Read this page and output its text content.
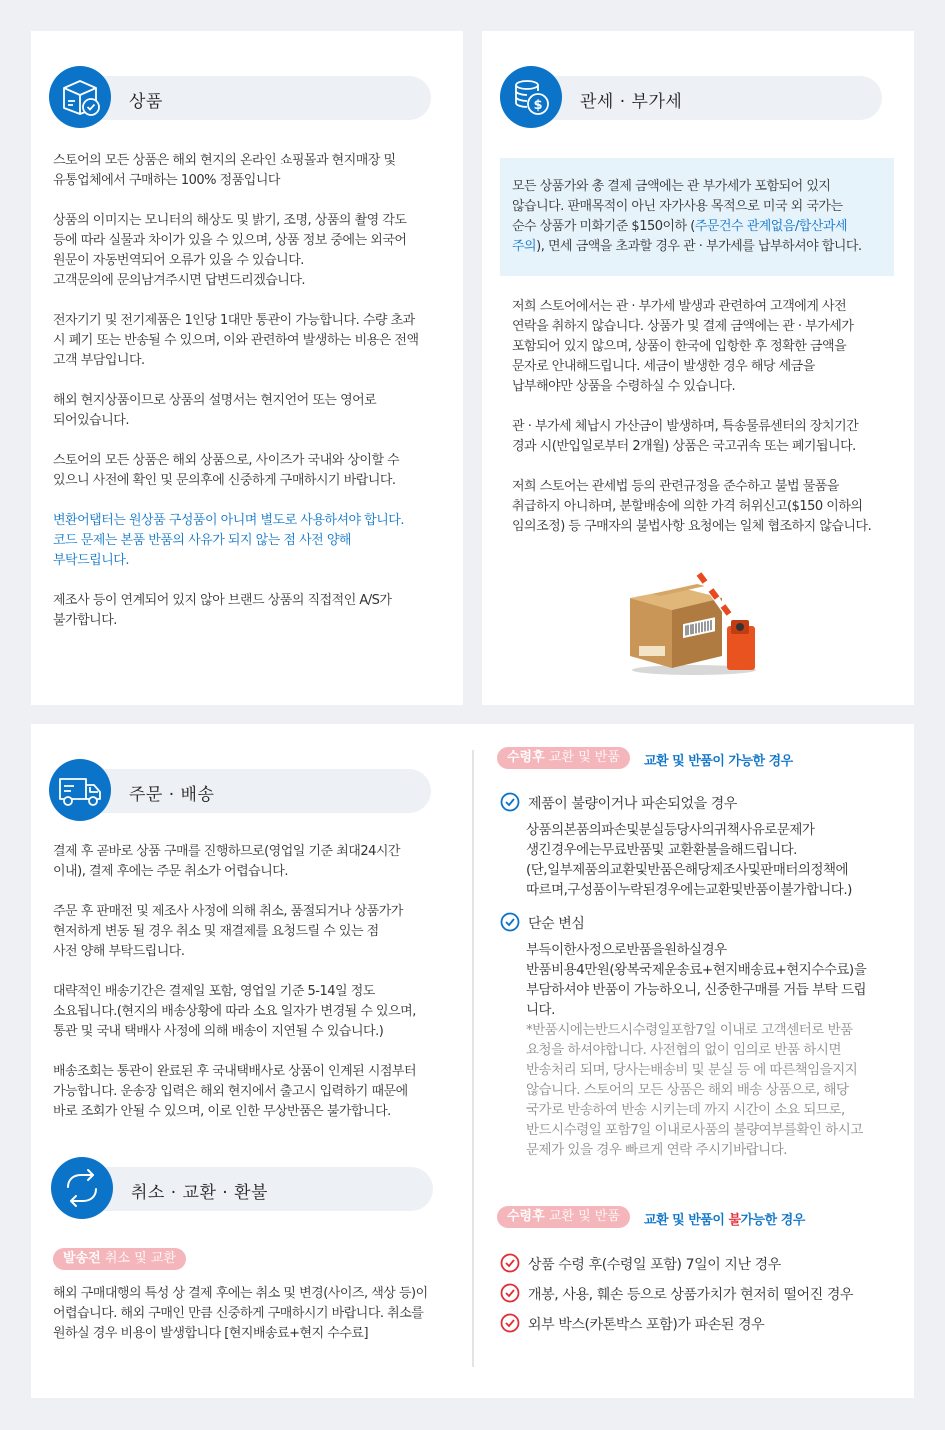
상품

스토어의 모든 상품은 해외 현지의 온라인 쇼핑몰과 현지매장 및

유통업체에서 구매하는 100% 정품입니다

상품의 이미지는 모니터의 해상도 및 밝기, 조명, 상품의 촬영 각도

등에 따라 실물과 차이가 있을 수 있으며, 상품 정보 중에는 외국어

원문이 자동번역되어 오류가 있을 수 있습니다.

고객문의에 문의남겨주시면 답변드리겠습니다.

전자기기 및 전기제품은 1인당 1대만 통관이 가능합니다. 수량 초과

시 폐기 또는 반송될 수 있으며, 이와 관련하여 발생하는 비용은 전액

고객 부담입니다.

해외 현지상품이므로 상품의 설명서는 현지언어 또는 영어로

되어있습니다.

스토어의 모든 상품은 해외 상품으로, 사이즈가 국내와 상이할 수

있으니 사전에 확인 및 문의후에 신중하게 구매하시기 바랍니다.

변환어탭터는 원상품 구성품이 아니며 별도로 사용하셔야 합니다.

코드 문제는 본품 반품의 사유가 되지 않는 점 사전 양해

부탁드립니다.

제조사 등이 연계되어 있지 않아 브랜드 상품의 직접적인 A/S가

불가합니다.

관세 · 부가세
$

모든 상품가와 총 결제 금액에는 관 부가세가 포함되어 있지

않습니다. 판매목적이 아닌 자가사용 목적으로 미국 외 국가는

순수 상품가 미화기준 $150이하 (주문건수 관계없음/합산과세

주의), 면세 금액을 초과할 경우 관 · 부가세를 납부하셔야 합니다.

저희 스토어에서는 관 · 부가세 발생과 관련하여 고객에게 사전

연락을 취하지 않습니다. 상품가 및 결제 금액에는 관 · 부가세가

포함되어 있지 않으며, 상품이 한국에 입항한 후 정확한 금액을

문자로 안내해드립니다. 세금이 발생한 경우 해당 세금을

납부해야만 상품을 수령하실 수 있습니다.

관 · 부가세 체납시 가산금이 발생하며, 특송물류센터의 장치기간

경과 시(반입일로부터 2개월) 상품은 국고귀속 또는 폐기됩니다.

저희 스토어는 관세법 등의 관련규정을 준수하고 불법 물품을

취급하지 아니하며, 분할배송에 의한 가격 허위신고($150 이하의

임의조정) 등 구매자의 불법사항 요청에는 일체 협조하지 않습니다.

주문 · 배송

결제 후 곧바로 상품 구매를 진행하므로(영업일 기준 최대24시간

이내), 결제 후에는 주문 취소가 어렵습니다.

주문 후 판매전 및 제조사 사정에 의해 취소, 품절되거나 상품가가

현저하게 변동 될 경우 취소 및 재결제를 요청드릴 수 있는 점

사전 양해 부탁드립니다.

대략적인 배송기간은 결제일 포함, 영업일 기준 5-14일 정도

소요됩니다.(현지의 배송상황에 따라 소요 일자가 변경될 수 있으며,

통관 및 국내 택배사 사정에 의해 배송이 지연될 수 있습니다.)

배송조회는 통관이 완료된 후 국내택배사로 상품이 인계된 시점부터

가능합니다. 운송장 입력은 해외 현지에서 출고시 입력하기 때문에

바로 조회가 안될 수 있으며, 이로 인한 무상반품은 불가합니다.

취소 · 교환 · 환불
발송전 취소 및 교환

해외 구매대행의 특성 상 결제 후에는 취소 및 변경(사이즈, 색상 등)이

어렵습니다. 해외 구매인 만큼 신중하게 구매하시기 바랍니다. 취소를

원하실 경우 비용이 발생합니다 [현지배송료+현지 수수료]

수령후 교환 및 반품	교환 및 반품이 가능한 경우
제품이 불량이거나 파손되었을 경우

상품의본품의파손및분실등당사의귀책사유로문제가

생긴경우에는무료반품및 교환환불을해드립니다.

(단,일부제품의교환및반품은해당제조사및판매터의정책에

따르며,구성품이누락된경우에는교환및반품이불가합니다.)

단순 변심

부득이한사정으로반품을원하실경우

반품비용4만원(왕복국제운송료+현지배송료+현지수수료)을

부담하셔야 반품이 가능하오니, 신중한구매를 거듭 부탁 드립

니다.

*반품시에는반드시수령일포함7일 이내로 고객센터로 반품

요청을 하셔야합니다. 사전협의 없이 임의로 반품 하시면

반송처리 되며, 당사는배송비 및 분실 등 에 따른책임을지지

않습니다. 스토어의 모든 상품은 해외 배송 상품으로, 해당

국가로 반송하여 반송 시키는데 까지 시간이 소요 되므로,

반드시수령일 포함7일 이내로사품의 불량여부를확인 하시고

문제가 있을 경우 빠르게 연락 주시기바랍니다.

수령후 교환 및 반품	교환 및 반품이 불가능한 경우
상품 수령 후(수령일 포함) 7일이 지난 경우
개봉, 사용, 훼손 등으로 상품가치가 현저히 떨어진 경우
외부 박스(카톤박스 포함)가 파손된 경우
